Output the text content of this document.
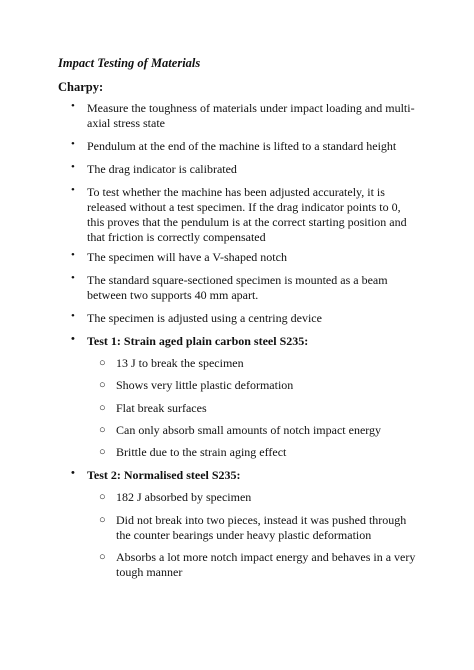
Impact Testing of Materials
Charpy:
• Measure the toughness of materials under impact loading and multi-axial stress state
• Pendulum at the end of the machine is lifted to a standard height
• The drag indicator is calibrated
• To test whether the machine has been adjusted accurately, it is released without a test specimen. If the drag indicator points to 0, this proves that the pendulum is at the correct starting position and that friction is correctly compensated
• The specimen will have a V-shaped notch
• The standard square-sectioned specimen is mounted as a beam between two supports 40 mm apart.
• The specimen is adjusted using a centring device
• Test 1: Strain aged plain carbon steel S235:
○ 13 J to break the specimen
○ Shows very little plastic deformation
○ Flat break surfaces
○ Can only absorb small amounts of notch impact energy
○ Brittle due to the strain aging effect
• Test 2: Normalised steel S235:
○ 182 J absorbed by specimen
○ Did not break into two pieces, instead it was pushed through the counter bearings under heavy plastic deformation
○ Absorbs a lot more notch impact energy and behaves in a very tough manner
